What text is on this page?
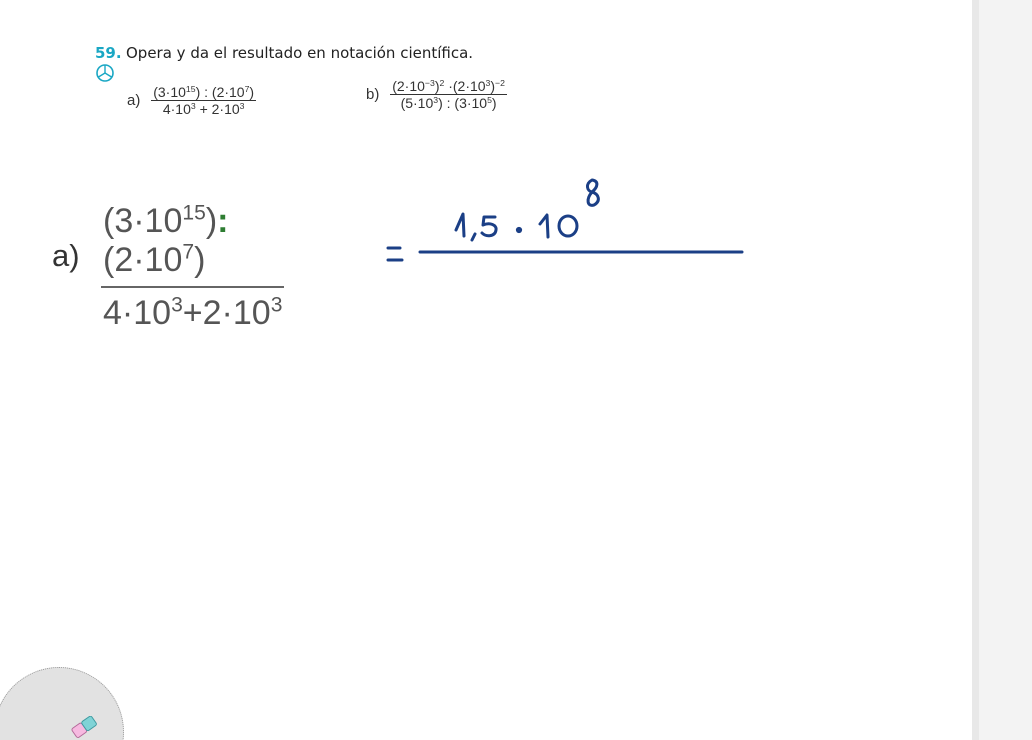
59. Opera y da el resultado en notación científica.
$a) \frac{(3\cdot 10^{15}) : (2\cdot 10^7)}{4\cdot 10^3 + 2\cdot 10^3}$	$b) \frac{(2\cdot 10^{-3})^2 \cdot(2\cdot 10^3)^{-2}}{(5\cdot 10^3) : (3\cdot 10^5)}$
a)
$(3\cdot 10^{15}):(2\cdot 10^7)$
$4\cdot 10^3+2\cdot 10^3$
